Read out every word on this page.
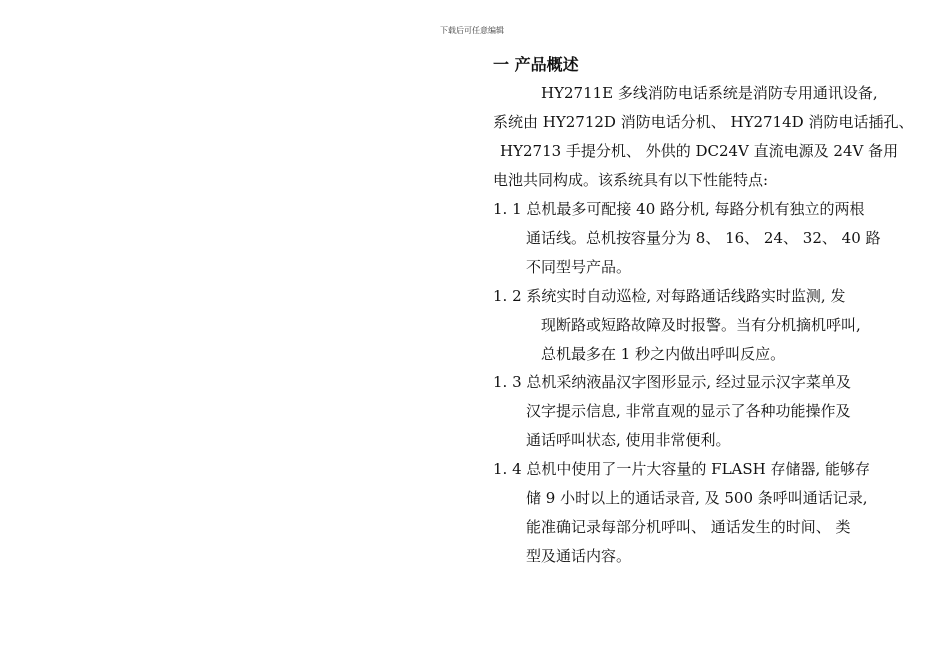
下载后可任意编辑
一 产品概述
HY2711E 多线消防电话系统是消防专用通讯设备,
系统由 HY2712D 消防电话分机、 HY2714D 消防电话插孔、
HY2713 手提分机、 外供的 DC24V 直流电源及 24V 备用
电池共同构成。该系统具有以下性能特点:
1. 1 总机最多可配接 40 路分机, 每路分机有独立的两根
通话线。总机按容量分为 8、 16、 24、 32、 40 路
不同型号产品。
1. 2 系统实时自动巡检, 对每路通话线路实时监测, 发
现断路或短路故障及时报警。当有分机摘机呼叫,
总机最多在 1 秒之内做出呼叫反应。
1. 3 总机采纳液晶汉字图形显示, 经过显示汉字菜单及
汉字提示信息, 非常直观的显示了各种功能操作及
通话呼叫状态, 使用非常便利。
1. 4 总机中使用了一片大容量的 FLASH 存储器, 能够存
储 9 小时以上的通话录音, 及 500 条呼叫通话记录,
能准确记录每部分机呼叫、 通话发生的时间、 类
型及通话内容。
